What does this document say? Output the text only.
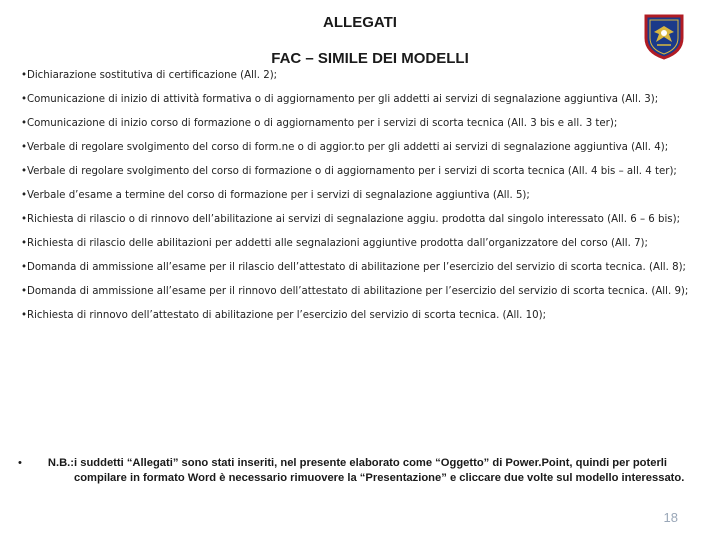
ALLEGATI
FAC – SIMILE DEI MODELLI

•Dichiarazione sostitutiva di certificazione (All. 2);

•Comunicazione di inizio di attività formativa o di aggiornamento per gli addetti ai servizi di segnalazione aggiuntiva (All. 3);

•Comunicazione di inizio corso di formazione o di aggiornamento per i servizi di scorta tecnica (All. 3 bis e all. 3 ter);

•Verbale di regolare svolgimento del corso di form.ne o di aggior.to per gli addetti ai servizi di segnalazione aggiuntiva (All. 4);

•Verbale di regolare svolgimento del corso di formazione o di aggiornamento per i servizi di scorta tecnica (All. 4 bis – all. 4 ter);

•Verbale d’esame a termine del corso di formazione per i servizi di segnalazione aggiuntiva (All. 5);

•Richiesta di rilascio o di rinnovo dell’abilitazione ai servizi di segnalazione aggiu. prodotta dal singolo interessato (All. 6 – 6 bis);

•Richiesta di rilascio delle abilitazioni per addetti alle segnalazioni aggiuntive prodotta dall’organizzatore del corso (All. 7);

•Domanda di ammissione all’esame per il rilascio dell’attestato di abilitazione per l’esercizio del servizio di scorta tecnica. (All. 8);

•Domanda di ammissione all’esame per il rinnovo dell’attestato di abilitazione per l’esercizio del servizio di scorta tecnica. (All. 9);

•Richiesta di rinnovo dell’attestato di abilitazione per l’esercizio del servizio di scorta tecnica. (All. 10);

•	N.B.: i suddetti “Allegati” sono stati inseriti, nel presente elaborato come “Oggetto” di Power.Point, quindi per poterli compilare in formato Word è necessario rimuovere la “Presentazione” e cliccare due volte sul modello interessato.
18
